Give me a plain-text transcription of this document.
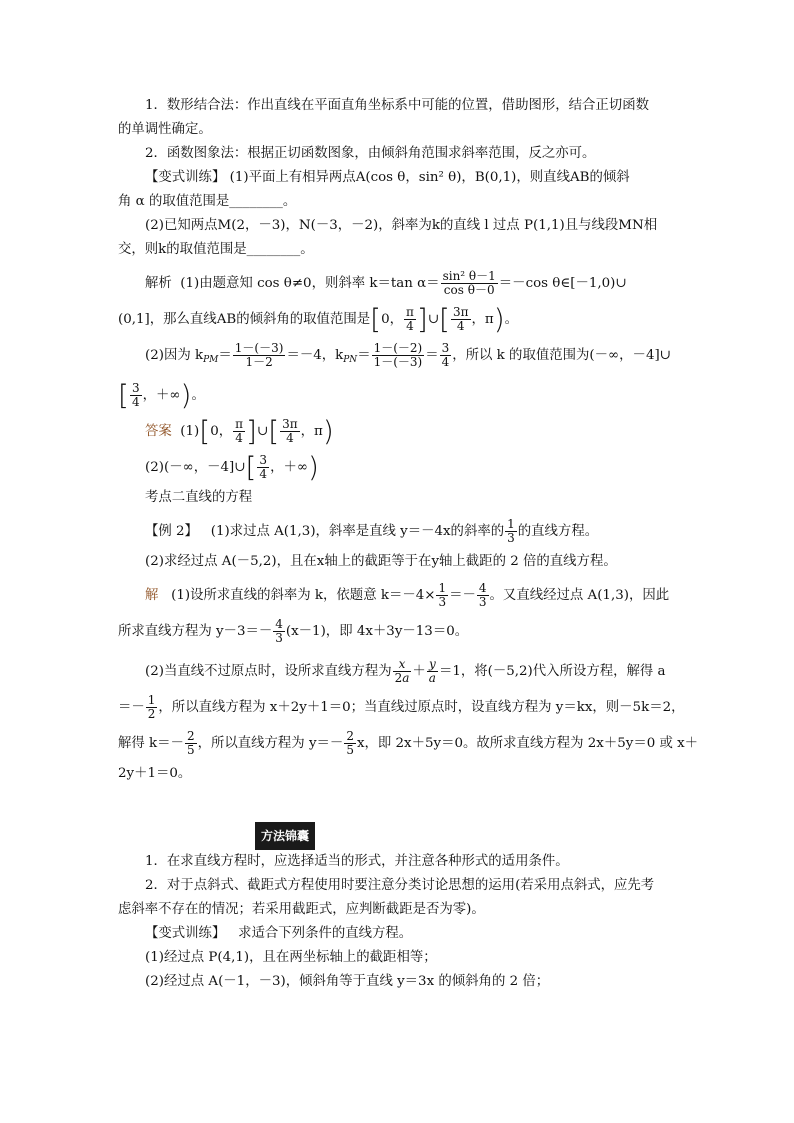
1．数形结合法：作出直线在平面直角坐标系中可能的位置，借助图形，结合正切函数

的单调性确定。

2．函数图象法：根据正切函数图象，由倾斜角范围求斜率范围，反之亦可。

【变式训练】 (1)平面上有相异两点A(cos θ，sin² θ)，B(0,1)，则直线AB的倾斜

角 α 的取值范围是________。

(2)已知两点M(2，－3)，N(－3，－2)，斜率为k的直线 l 过点 P(1,1)且与线段MN相

交，则k的取值范围是________。

解析 (1)由题意知 cos θ≠0，则斜率 k＝tan $\alpha= \frac{\text{sin² θ－1}}{\text{cos θ－0}} =-\cos$ θ∈[－1,0)∪

(0,1]，那么直线AB的倾斜角的取值范围是[0， $\frac{\pi}{4}$ ]∪[ $\frac{3\pi}{4}$ ，π)。

(2)因为 $k_{PM}= \frac{1-(-3)}{1-2} =-4$，$k_{PN}= \frac{1-(-2)}{1-(-3)} = \frac{3}{4}$ ，所以 k 的取值范围为(－∞，－4]∪

[ $\frac{3}{4}$ ，＋∞)。

答案 (1)[0， $\frac{\pi}{4}$ ]∪[ $\frac{3\pi}{4}$ ，π)

(2)(－∞，－4]∪[ $\frac{3}{4}$ ，＋∞)

考点二直线的方程

【例 2】 (1)求过点 A(1,3)，斜率是直线 y＝－4x的斜率的 $\frac{1}{3}$ 的直线方程。

(2)求经过点 A(－5,2)，且在x轴上的截距等于在y轴上截距的 2 倍的直线方程。

解 (1)设所求直线的斜率为 k，依题意 $k=-4\times \frac{1}{3} =- \frac{4}{3}$ 。又直线经过点 A(1,3)，因此

所求直线方程为 $y-3=- \frac{4}{3} (x-1)$，即 4x＋3y－13＝0。

(2)当直线不过原点时，设所求直线方程为 $\frac{x}{2a} + \frac{y}{a} =1$，将(－5,2)代入所设方程，解得 a

＝－ $\frac{1}{2}$ ，所以直线方程为 x＋2y＋1＝0；当直线过原点时，设直线方程为 y＝kx，则－5k＝2，

解得 $k=- \frac{2}{5}$ ，所以直线方程为 $y=- \frac{2}{5}$ x，即 2x＋5y＝0。故所求直线方程为 2x＋5y＝0 或 x＋

2y＋1＝0。

方法锦囊

1．在求直线方程时，应选择适当的形式，并注意各种形式的适用条件。

2．对于点斜式、截距式方程使用时要注意分类讨论思想的运用(若采用点斜式，应先考

虑斜率不存在的情况；若采用截距式，应判断截距是否为零)。

【变式训练】 求适合下列条件的直线方程。

(1)经过点 P(4,1)，且在两坐标轴上的截距相等；

(2)经过点 A(－1，－3)，倾斜角等于直线 y＝3x 的倾斜角的 2 倍；
